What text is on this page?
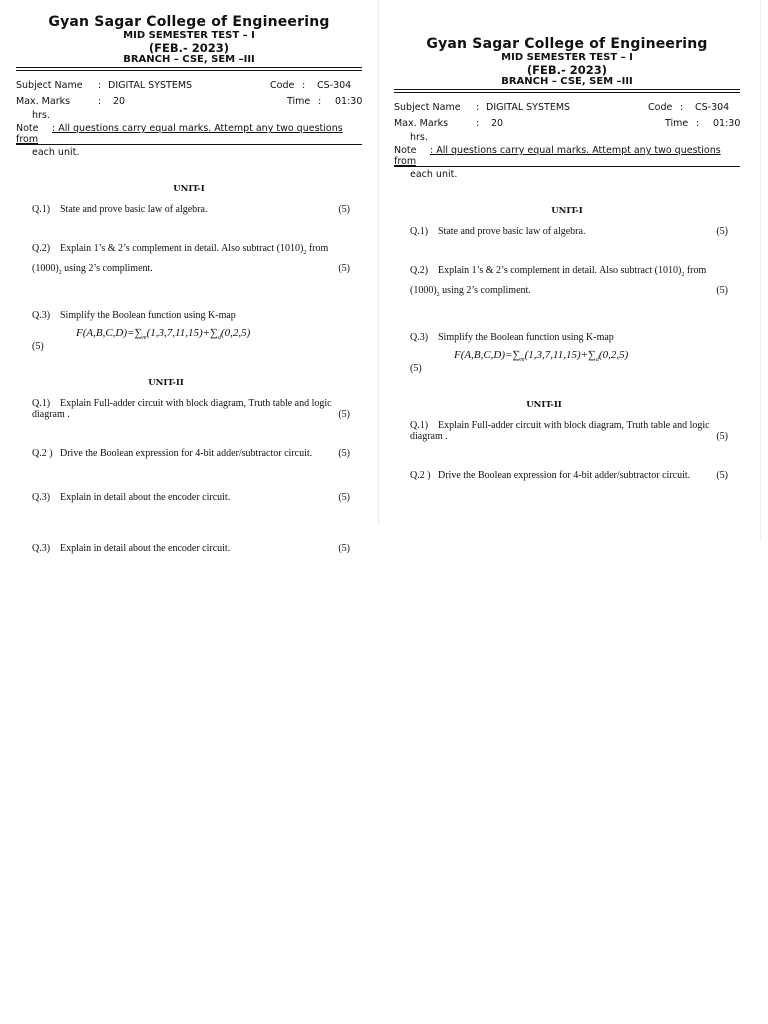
Gyan Sagar College of Engineering
MID SEMESTER TEST – I
(FEB.- 2023)
BRANCH – CSE, SEM –III
Subject Name : DIGITAL SYSTEMS	Code : CS-304
Max. Marks	: 20	Time : 01:30
hrs.
Note : All questions carry equal marks. Attempt any two questions from
each unit.
UNIT-I
Q.1) State and prove basic law of algebra.	(5)
Q.2) Explain 1’s & 2’s complement in detail. Also subtract $(1010)_2$ from
$(1000)_2$ using 2’s compliment.	(5)
Q.3) Simplify the Boolean function using K-map
$F(A,B,C,D)=\sum_m(1,3,7,11,15)+\sum_d(0,2,5)$
(5)
UNIT-II
Q.1) Explain Full-adder circuit with block diagram, Truth table and logic
diagram .	(5)
Q.2 ) Drive the Boolean expression for 4-bit adder/subtractor circuit.	(5)
Q.3) Explain in detail about the encoder circuit.	(5)
Q.3) Explain in detail about the encoder circuit.	(5)
Gyan Sagar College of Engineering
MID SEMESTER TEST – I
(FEB.- 2023)
BRANCH – CSE, SEM –III
Subject Name : DIGITAL SYSTEMS	Code : CS-304
Max. Marks	: 20	Time : 01:30
hrs.
Note : All questions carry equal marks. Attempt any two questions from
each unit.
UNIT-I
Q.1) State and prove basic law of algebra.	(5)
Q.2) Explain 1’s & 2’s complement in detail. Also subtract $(1010)_2$ from
$(1000)_2$ using 2’s compliment.	(5)
Q.3) Simplify the Boolean function using K-map
$F(A,B,C,D)=\sum_m(1,3,7,11,15)+\sum_d(0,2,5)$
(5)
UNIT-II
Q.1) Explain Full-adder circuit with block diagram, Truth table and logic
diagram .	(5)
Q.2 ) Drive the Boolean expression for 4-bit adder/subtractor circuit.	(5)
